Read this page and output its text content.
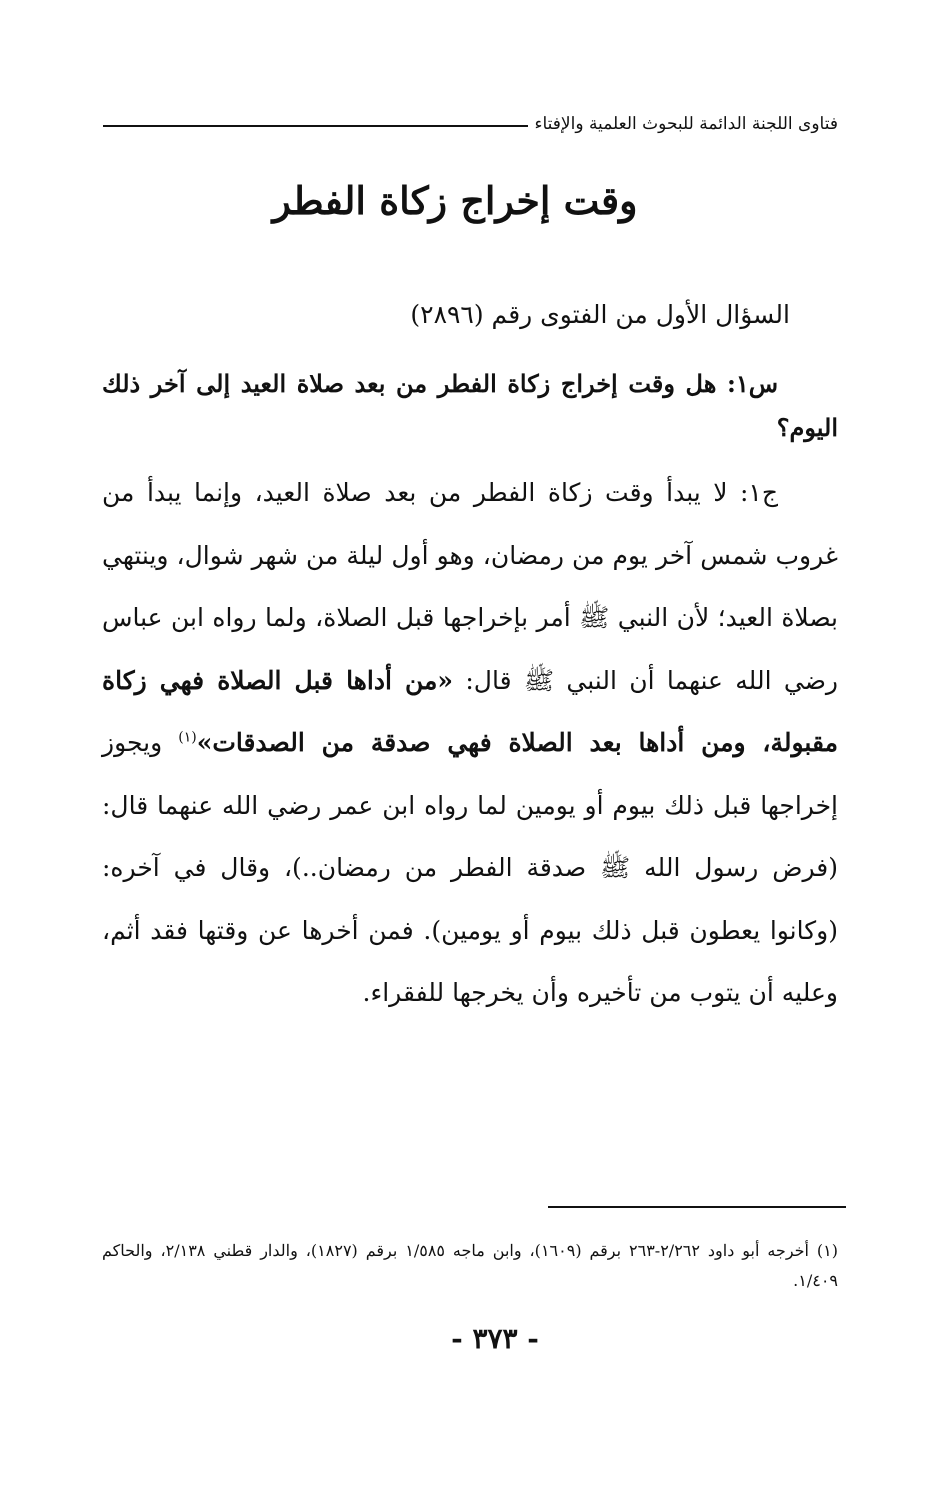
فتاوى اللجنة الدائمة للبحوث العلمية والإفتاء
وقت إخراج زكاة الفطر
السؤال الأول من الفتوى رقم (٢٨٩٦)
س١: هل وقت إخراج زكاة الفطر من بعد صلاة العيد إلى آخر ذلك اليوم؟
ج١: لا يبدأ وقت زكاة الفطر من بعد صلاة العيد، وإنما يبدأ من غروب شمس آخر يوم من رمضان، وهو أول ليلة من شهر شوال، وينتهي بصلاة العيد؛ لأن النبي ﷺ أمر بإخراجها قبل الصلاة، ولما رواه ابن عباس رضي الله عنهما أن النبي ﷺ قال: «من أداها قبل الصلاة فهي زكاة مقبولة، ومن أداها بعد الصلاة فهي صدقة من الصدقات»$^{(١)}$ ويجوز إخراجها قبل ذلك بيوم أو يومين لما رواه ابن عمر رضي الله عنهما قال: (فرض رسول الله ﷺ صدقة الفطر من رمضان..)، وقال في آخره: (وكانوا يعطون قبل ذلك بيوم أو يومين). فمن أخرها عن وقتها فقد أثم، وعليه أن يتوب من تأخيره وأن يخرجها للفقراء.
(١) أخرجه أبو داود ٢/٢٦٢-٢٦٣ برقم (١٦٠٩)، وابن ماجه ١/٥٨٥ برقم (١٨٢٧)، والدار قطني ٢/١٣٨، والحاكم ١/٤٠٩.
- ٣٧٣ -
